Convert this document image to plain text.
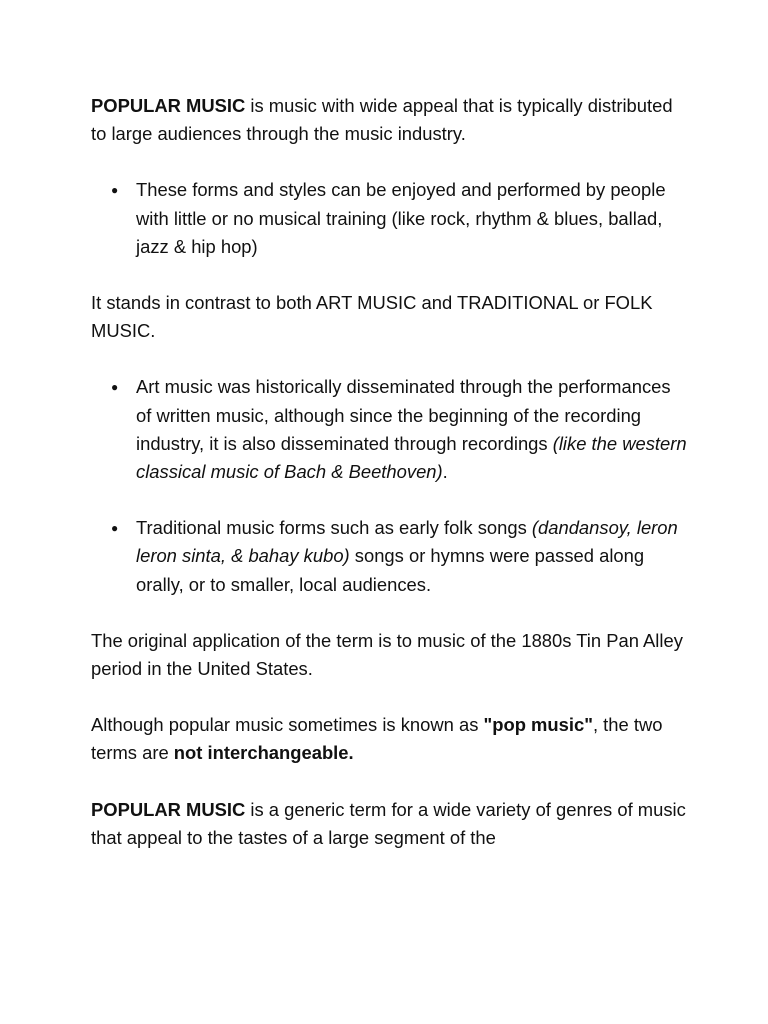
POPULAR MUSIC is music with wide appeal that is typically distributed to large audiences through the music industry.

● These forms and styles can be enjoyed and performed by people with little or no musical training (like rock, rhythm & blues, ballad, jazz & hip hop)

It stands in contrast to both ART MUSIC and TRADITIONAL or FOLK MUSIC.

● Art music was historically disseminated through the performances of written music, although since the beginning of the recording industry, it is also disseminated through recordings (like the western classical music of Bach & Beethoven).
● Traditional music forms such as early folk songs (dandansoy, leron leron sinta, & bahay kubo) songs or hymns were passed along orally, or to smaller, local audiences.

The original application of the term is to music of the 1880s Tin Pan Alley period in the United States.

Although popular music sometimes is known as "pop music", the two terms are not interchangeable.

POPULAR MUSIC is a generic term for a wide variety of genres of music that appeal to the tastes of a large segment of the
